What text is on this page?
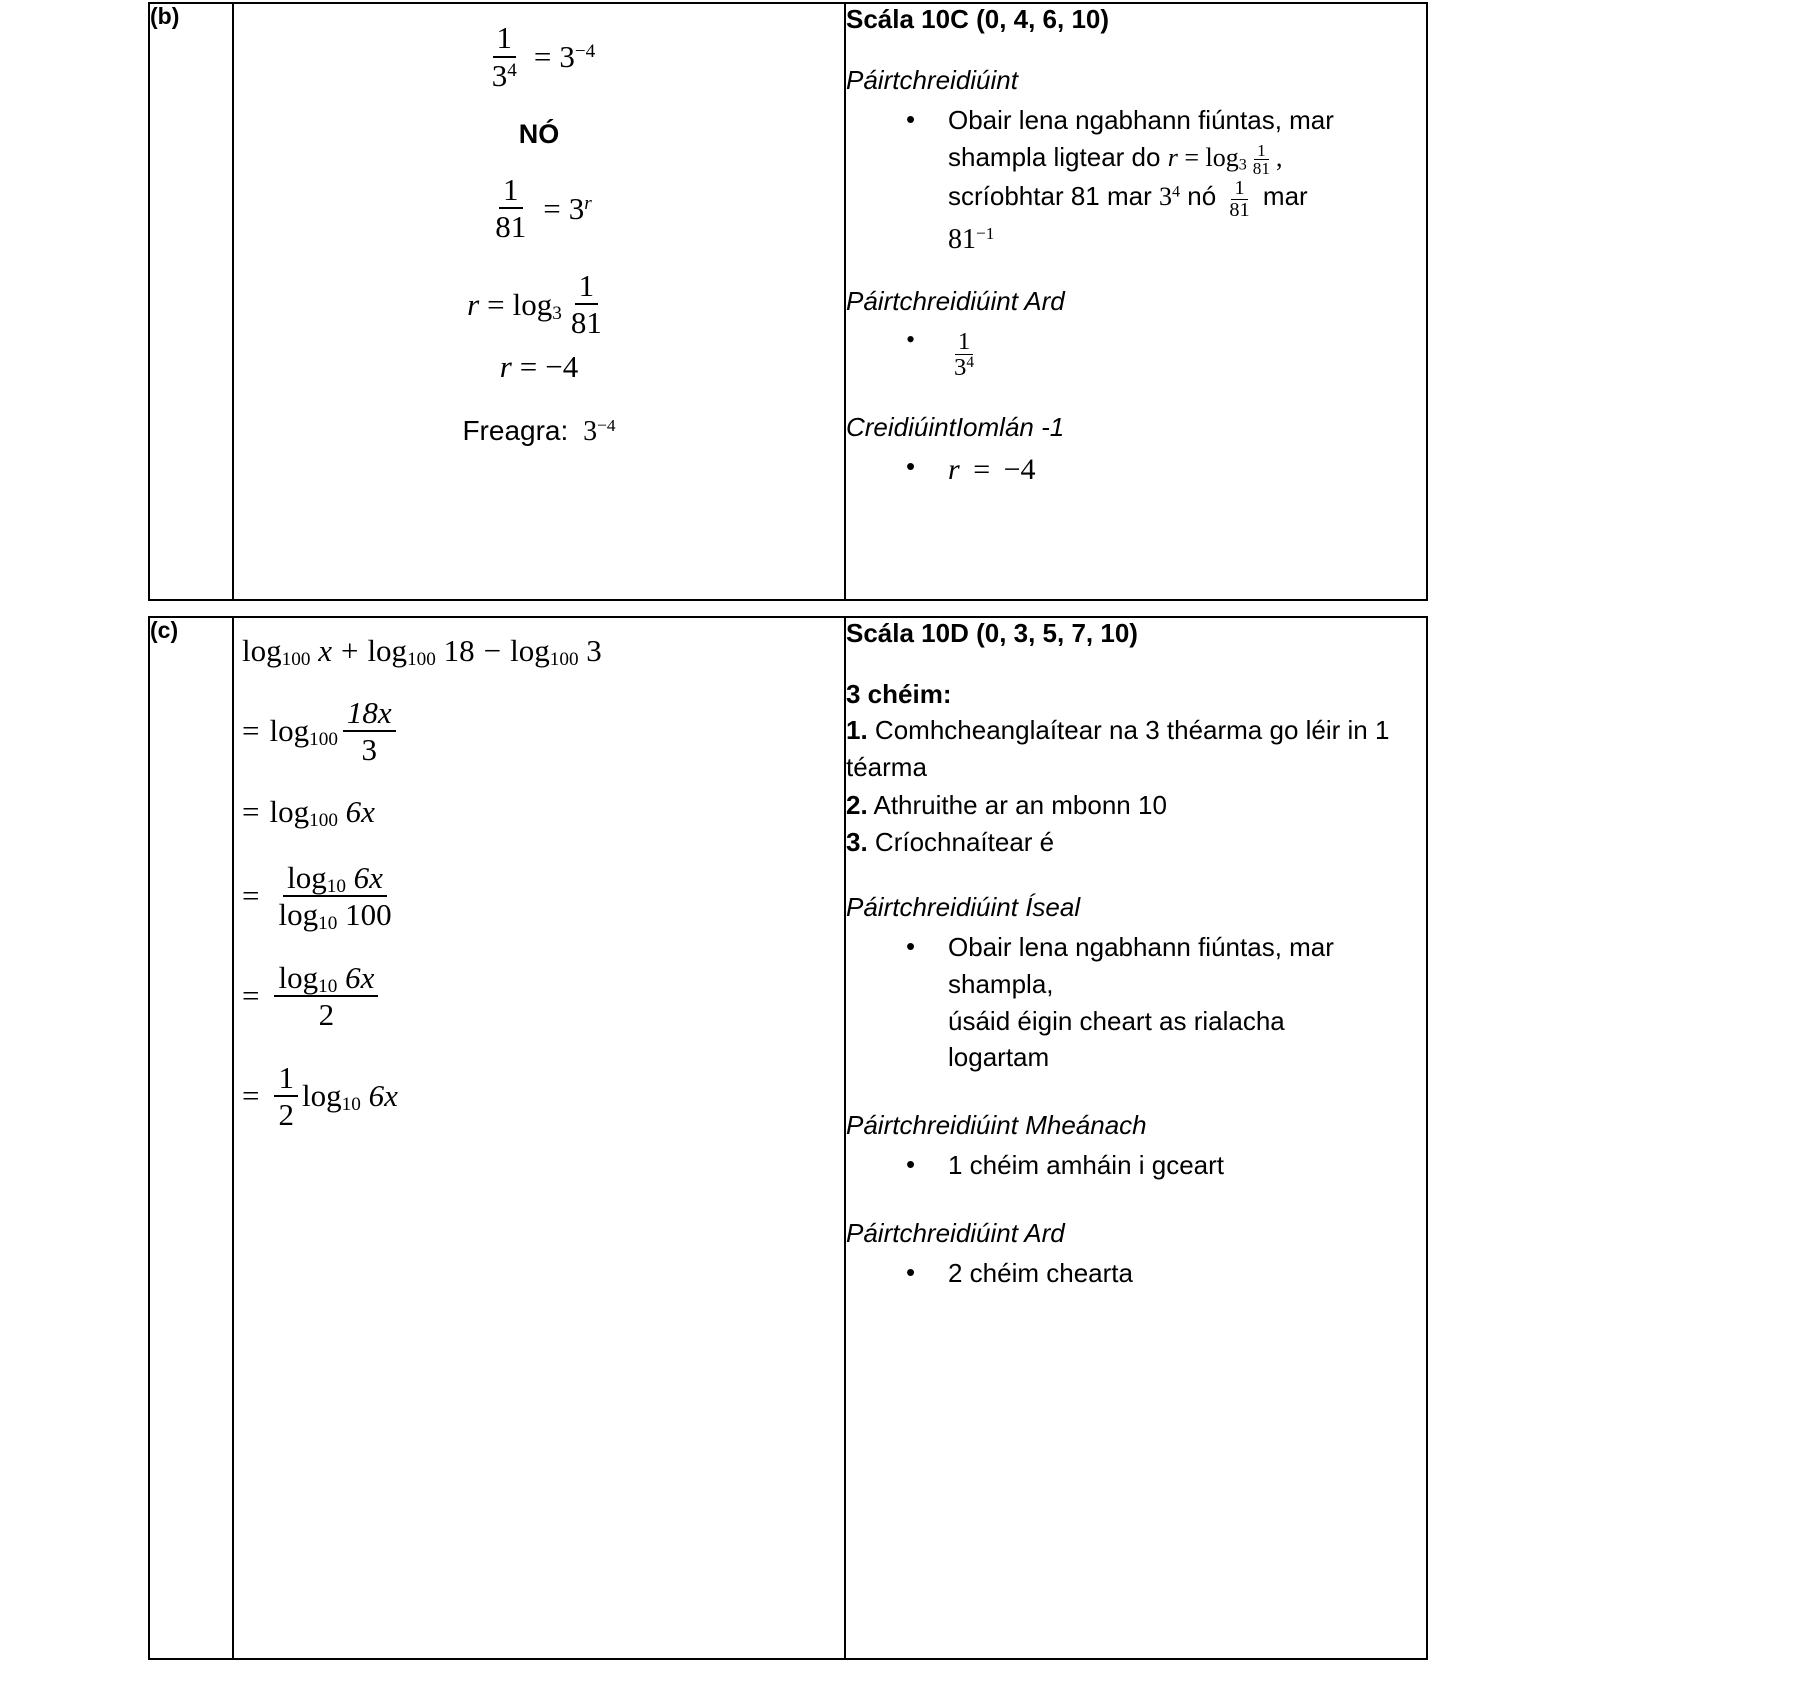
(b)

$\frac{1}{3^4} = 3^{-4}$
NÓ
$\frac{1}{81} = 3^r$
$r = \log_3 \frac{1}{81}$
r = −4
Freagra: $3^{-4}$

Scála 10C (0, 4, 6, 10)
Páirtchreidiúint
• Obair lena ngabhann fiúntas, mar
shampla ligtear do $r = \log_3 \frac{1}{81}$ ,
scríobhtar 81 mar $3^4$ nó $\frac{1}{81}$ mar
$81^{-1}$
Páirtchreidiúint Ard
• $\frac{1}{3^4}$
CreidiúintIomlán -1
• r = −4
(c)

$\log_{100} x + \log_{100} 18 - \log_{100} 3$
= $\log_{100} \frac{18x}{3}$
= $\log_{100} 6x$
= $\frac{\log_{10} 6x}{\log_{10} 100}$
= $\frac{\log_{10} 6x}{2}$
= $\frac{1}{2} \log_{10} 6x$

Scála 10D (0, 3, 5, 7, 10)
3 chéim:
1. Comhcheanglaítear na 3 théarma go léir in 1 téarma
2. Athruithe ar an mbonn 10
3. Críochnaítear é
Páirtchreidiúint Íseal
• Obair lena ngabhann fiúntas, mar
shampla,
úsáid éigin cheart as rialacha
logartam
Páirtchreidiúint Mheánach
• 1 chéim amháin i gceart
Páirtchreidiúint Ard
• 2 chéim chearta
